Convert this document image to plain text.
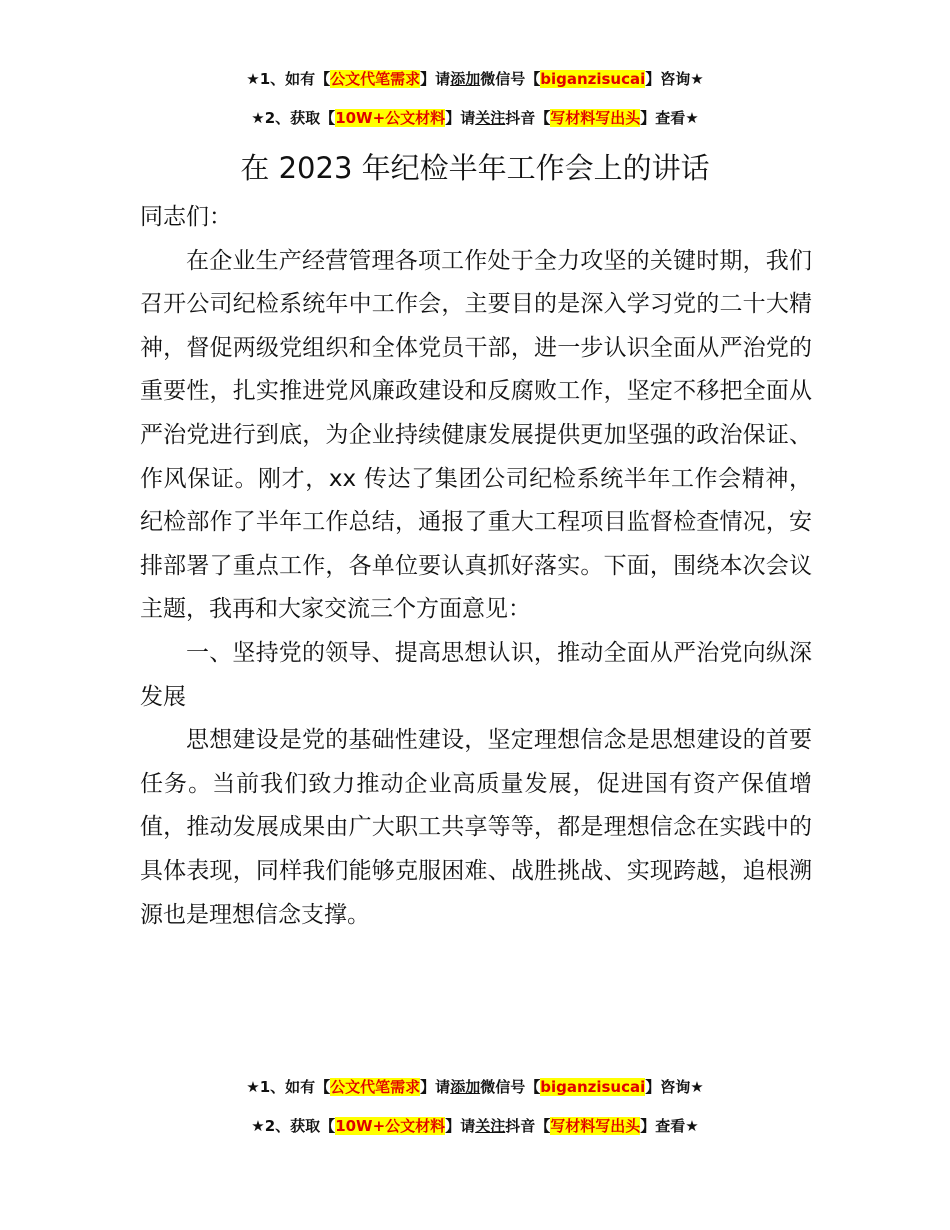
★1、如有【公文代笔需求】请添加微信号【biganzisucai】咨询★
★2、获取【10W+公文材料】请关注抖音【写材料写出头】查看★
在 2023 年纪检半年工作会上的讲话

同志们：

在企业生产经营管理各项工作处于全力攻坚的关键时期，我们召开公司纪检系统年中工作会，主要目的是深入学习党的二十大精神，督促两级党组织和全体党员干部，进一步认识全面从严治党的重要性，扎实推进党风廉政建设和反腐败工作，坚定不移把全面从严治党进行到底，为企业持续健康发展提供更加坚强的政治保证、作风保证。刚才，xx 传达了集团公司纪检系统半年工作会精神，纪检部作了半年工作总结，通报了重大工程项目监督检查情况，安排部署了重点工作，各单位要认真抓好落实。下面，围绕本次会议主题，我再和大家交流三个方面意见：

一、坚持党的领导、提高思想认识，推动全面从严治党向纵深发展

思想建设是党的基础性建设，坚定理想信念是思想建设的首要任务。当前我们致力推动企业高质量发展，促进国有资产保值增值，推动发展成果由广大职工共享等等，都是理想信念在实践中的具体表现，同样我们能够克服困难、战胜挑战、实现跨越，追根溯源也是理想信念支撑。

★1、如有【公文代笔需求】请添加微信号【biganzisucai】咨询★
★2、获取【10W+公文材料】请关注抖音【写材料写出头】查看★
